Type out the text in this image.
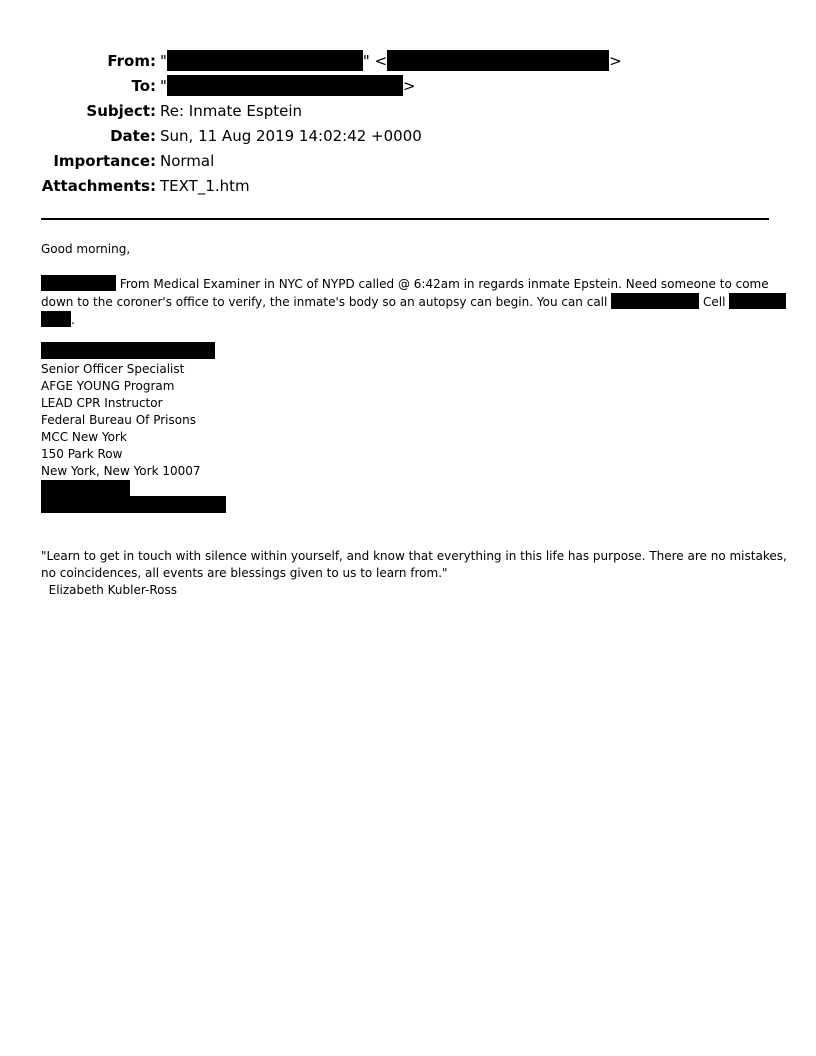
From: "	" <	>
To: "	>
Subject: Re: Inmate Esptein
Date: Sun, 11 Aug 2019 14:02:42 +0000
Importance: Normal
Attachments: TEXT_1.htm
Good morning,
From Medical Examiner in NYC of NYPD called @ 6:42am in regards inmate Epstein. Need someone to come
down to the coroner's office to verify, the inmate's body so an autopsy can begin. You can call	Cell
.
Senior Officer Specialist
AFGE YOUNG Program
LEAD CPR Instructor
Federal Bureau Of Prisons
MCC New York
150 Park Row
New York, New York 10007
"Learn to get in touch with silence within yourself, and know that everything in this life has purpose. There are no mistakes,
no coincidences, all events are blessings given to us to learn from."
Elizabeth Kubler-Ross
